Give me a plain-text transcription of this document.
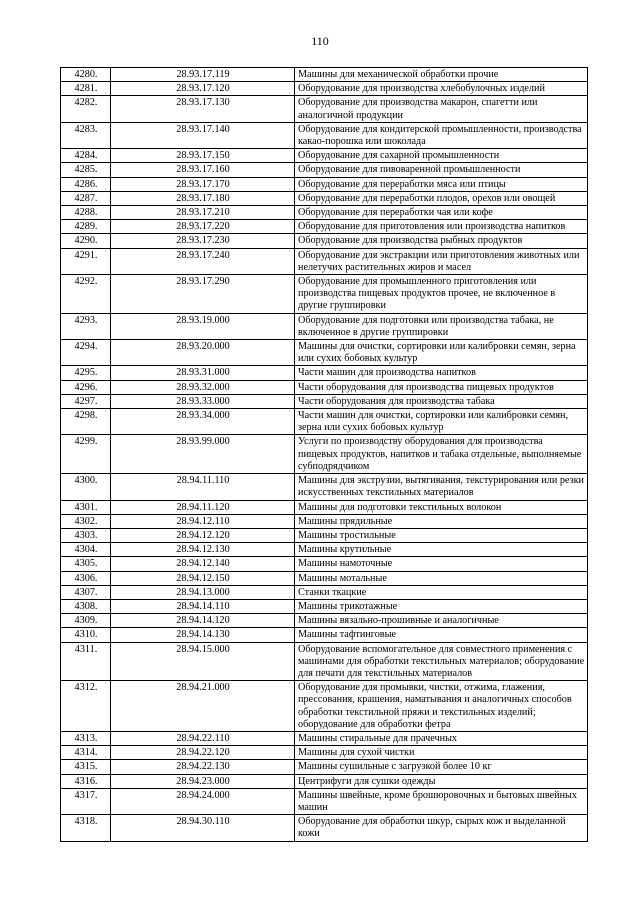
110
4280.	28.93.17.119	Машины для механической обработки прочие
4281.	28.93.17.120	Оборудование для производства хлебобулочных изделий
4282.	28.93.17.130	Оборудование для производства макарон, спагетти или аналогичной продукции
4283.	28.93.17.140	Оборудование для кондитерской промышленности, производства какао-порошка или шоколада
4284.	28.93.17.150	Оборудование для сахарной промышленности
4285.	28.93.17.160	Оборудование для пивоваренной промышленности
4286.	28.93.17.170	Оборудование для переработки мяса или птицы
4287.	28.93.17.180	Оборудование для переработки плодов, орехов или овощей
4288.	28.93.17.210	Оборудование для переработки чая или кофе
4289.	28.93.17.220	Оборудование для приготовления или производства напитков
4290.	28.93.17.230	Оборудование для производства рыбных продуктов
4291.	28.93.17.240	Оборудование для экстракции или приготовления животных или нелетучих растительных жиров и масел
4292.	28.93.17.290	Оборудование для промышленного приготовления или производства пищевых продуктов прочее, не включенное в другие группировки
4293.	28.93.19.000	Оборудование для подготовки или производства табака, не включенное в другие группировки
4294.	28.93.20.000	Машины для очистки, сортировки или калибровки семян, зерна или сухих бобовых культур
4295.	28.93.31.000	Части машин для производства напитков
4296.	28.93.32.000	Части оборудования для производства пищевых продуктов
4297.	28.93.33.000	Части оборудования для производства табака
4298.	28.93.34.000	Части машин для очистки, сортировки или калибровки семян, зерна или сухих бобовых культур
4299.	28.93.99.000	Услуги по производству оборудования для производства пищевых продуктов, напитков и табака отдельные, выполняемые субподрядчиком
4300.	28.94.11.110	Машины для экструзии, вытягивания, текстурирования или резки искусственных текстильных материалов
4301.	28.94.11.120	Машины для подготовки текстильных волокон
4302.	28.94.12.110	Машины прядильные
4303.	28.94.12.120	Машины тростильные
4304.	28.94.12.130	Машины крутильные
4305.	28.94.12.140	Машины намоточные
4306.	28.94.12.150	Машины мотальные
4307.	28.94.13.000	Станки ткацкие
4308.	28.94.14.110	Машины трикотажные
4309.	28.94.14.120	Машины вязально-прошивные и аналогичные
4310.	28.94.14.130	Машины тафтинговые
4311.	28.94.15.000	Оборудование вспомогательное для совместного применения с машинами для обработки текстильных материалов; оборудование для печати для текстильных материалов
4312.	28.94.21.000	Оборудование для промывки, чистки, отжима, глажения, прессования, крашения, наматывания и аналогичных способов обработки текстильной пряжи и текстильных изделий; оборудование для обработки фетра
4313.	28.94.22.110	Машины стиральные для прачечных
4314.	28.94.22.120	Машины для сухой чистки
4315.	28.94.22.130	Машины сушильные с загрузкой более 10 кг
4316.	28.94.23.000	Центрифуги для сушки одежды
4317.	28.94.24.000	Машины швейные, кроме брошюровочных и бытовых швейных машин
4318.	28.94.30.110	Оборудование для обработки шкур, сырых кож и выделанной кожи
